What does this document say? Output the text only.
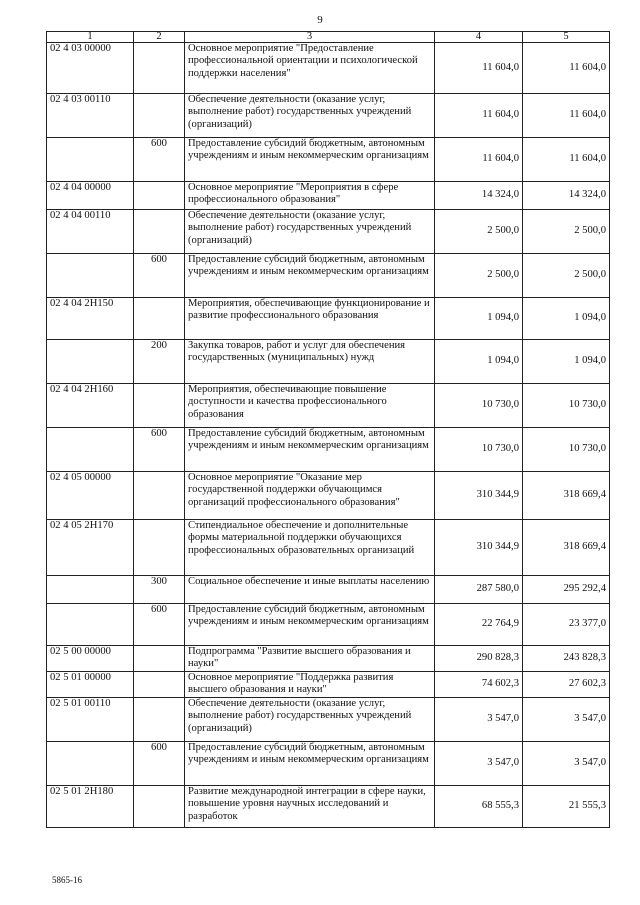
9
1	2	3	4	5
02 4 03 00000		Основное мероприятие "Предоставление профессиональной ориентации и психологической поддержки населения"	11 604,0	11 604,0
02 4 03 00110		Обеспечение деятельности (оказание услуг, выполнение работ) государственных учреждений (организаций)	11 604,0	11 604,0
	600	Предоставление субсидий бюджетным, автономным учреждениям и иным некоммерческим организациям	11 604,0	11 604,0
02 4 04 00000		Основное мероприятие "Мероприятия в сфере профессионального образования"	14 324,0	14 324,0
02 4 04 00110		Обеспечение деятельности (оказание услуг, выполнение работ) государственных учреждений (организаций)	2 500,0	2 500,0
	600	Предоставление субсидий бюджетным, автономным учреждениям и иным некоммерческим организациям	2 500,0	2 500,0
02 4 04 2Н150		Мероприятия, обеспечивающие функционирование и развитие профессионального образования	1 094,0	1 094,0
	200	Закупка товаров, работ и услуг для обеспечения государственных (муниципальных) нужд	1 094,0	1 094,0
02 4 04 2Н160		Мероприятия, обеспечивающие повышение доступности и качества профессионального образования	10 730,0	10 730,0
	600	Предоставление субсидий бюджетным, автономным учреждениям и иным некоммерческим организациям	10 730,0	10 730,0
02 4 05 00000		Основное мероприятие "Оказание мер государственной поддержки обучающимся организаций профессионального образования"	310 344,9	318 669,4
02 4 05 2Н170		Стипендиальное обеспечение и дополнительные формы материальной поддержки обучающихся профессиональных образовательных организаций	310 344,9	318 669,4
	300	Социальное обеспечение и иные выплаты населению	287 580,0	295 292,4
	600	Предоставление субсидий бюджетным, автономным учреждениям и иным некоммерческим организациям	22 764,9	23 377,0
02 5 00 00000		Подпрограмма "Развитие высшего образования и науки"	290 828,3	243 828,3
02 5 01 00000		Основное мероприятие "Поддержка развития высшего образования и науки"	74 602,3	27 602,3
02 5 01 00110		Обеспечение деятельности (оказание услуг, выполнение работ) государственных учреждений (организаций)	3 547,0	3 547,0
	600	Предоставление субсидий бюджетным, автономным учреждениям и иным некоммерческим организациям	3 547,0	3 547,0
02 5 01 2Н180		Развитие международной интеграции в сфере науки, повышение уровня научных исследований и разработок	68 555,3	21 555,3
5865-16
